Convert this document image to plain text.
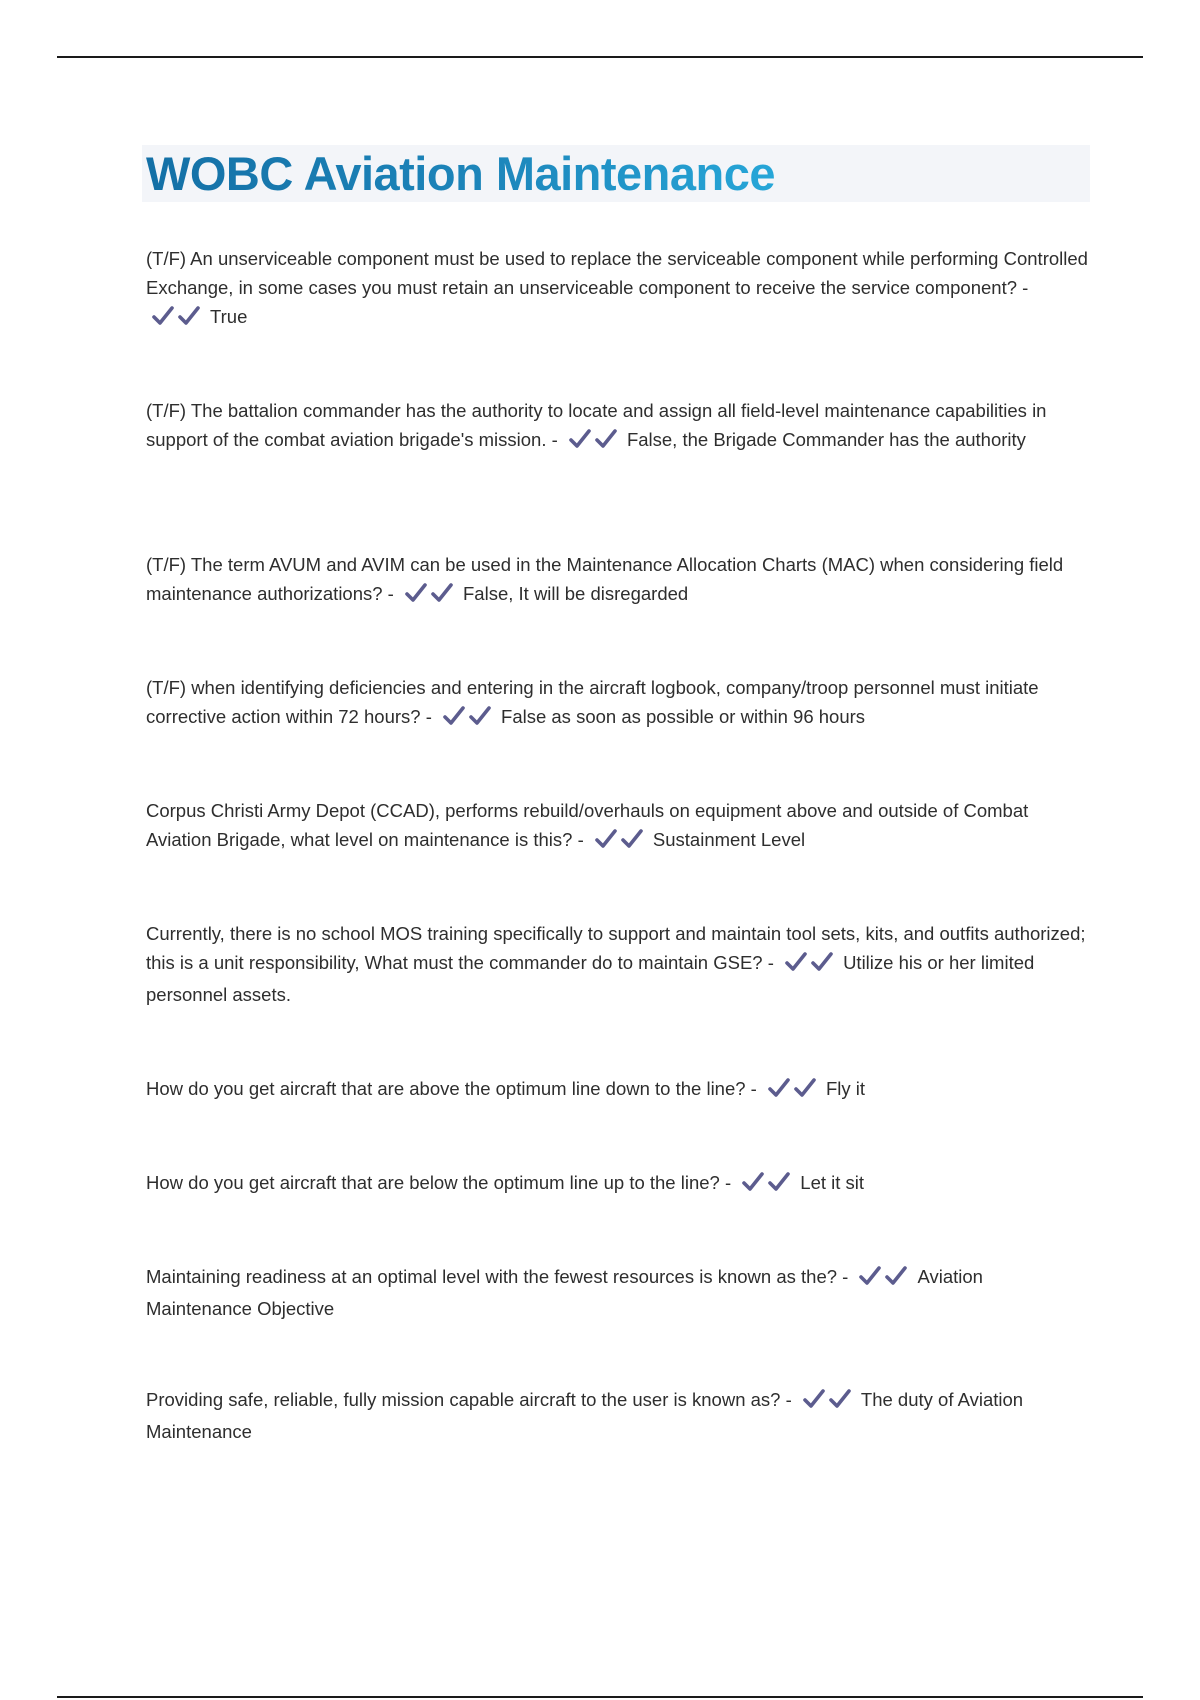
WOBC Aviation Maintenance

(T/F) An unserviceable component must be used to replace the serviceable component while performing Controlled Exchange, in some cases you must retain an unserviceable component to receive the service component? -
True

(T/F) The battalion commander has the authority to locate and assign all field-level maintenance capabilities in support of the combat aviation brigade's mission. -	False, the Brigade Commander has the authority

(T/F) The term AVUM and AVIM can be used in the Maintenance Allocation Charts (MAC) when considering field maintenance authorizations? -	False, It will be disregarded

(T/F) when identifying deficiencies and entering in the aircraft logbook, company/troop personnel must initiate corrective action within 72 hours? -	False as soon as possible or within 96 hours

Corpus Christi Army Depot (CCAD), performs rebuild/overhauls on equipment above and outside of Combat Aviation Brigade, what level on maintenance is this? -	Sustainment Level

Currently, there is no school MOS training specifically to support and maintain tool sets, kits, and outfits authorized; this is a unit responsibility, What must the commander do to maintain GSE? -	Utilize his or her limited personnel assets.

How do you get aircraft that are above the optimum line down to the line? -	Fly it

How do you get aircraft that are below the optimum line up to the line? -	Let it sit

Maintaining readiness at an optimal level with the fewest resources is known as the? -	Aviation Maintenance Objective

Providing safe, reliable, fully mission capable aircraft to the user is known as? -	The duty of Aviation Maintenance
